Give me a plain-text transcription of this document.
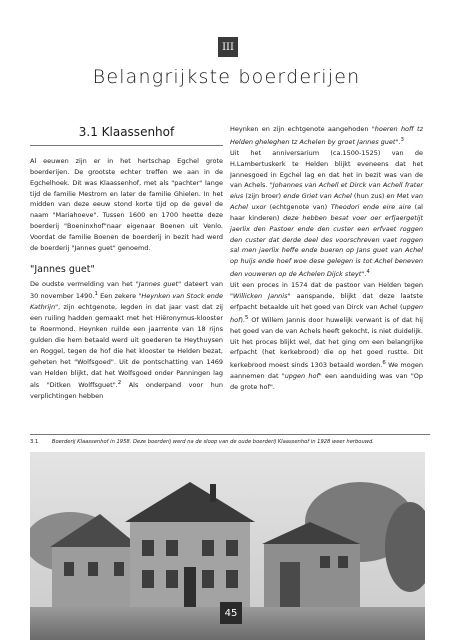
III
Belangrijkste boerderijen
3.1 Klaassenhof

Al eeuwen zijn er in het hertschap Egchel grote boerderijen. De grootste echter treffen we aan in de Egchelhoek. Dit was Klaassenhof, met als "pachter" lange tijd de familie Mestrom en later de familie Ghielen. In het midden van deze eeuw stond korte tijd op de gevel de naam "Mariahoeve". Tussen 1600 en 1700 heette deze boerderij "Boeninxhof"naar eigenaar Boenen uit Venlo. Voordat de familie Boenen de boerderij in bezit had werd de boerderij "Jannes guet" genoemd.

"Jannes guet"

De oudste vermelding van het "Jannes guet" dateert van 30 november 1490.$^1$ Een zekere "Heynken van Stock ende Kathrijn", zijn echtgenote, legden in dat jaar vast dat zij een ruiling hadden gemaakt met het Hiëronymus-klooster te Roermond. Heynken ruilde een jaarrente van 18 rijns gulden die hem betaald werd uit goederen te Heythuysen en Roggel, tegen de hof die het klooster te Helden bezat, geheten het "Wolfsgoed". Uit de pontschatting van 1469 van Helden blijkt, dat het Wolfsgoed onder Panningen lag als "Ditken Wolffsguet".$^2$ Als onderpand voor hun verplichtingen hebben

Heynken en zijn echtgenote aangehoden "hoeren hoff tz Helden gheleghen tz Achelen by groet Jannes guet".$^3$

Uit het anniversarium (ca.1500-1525) van de H.Lambertuskerk te Helden blijkt eveneens dat het Jannesgoed in Egchel lag en dat het in bezit was van de van Achels. "Johannes van Achell et Dirck van Achell frater eius (zijn broer) ende Griet van Achel (hun zus) en Met van Achel uxor (echtgenote van) Theodori ende eire aire (al haar kinderen) deze hebben besat voer oer erfjaergetijt jaerlix den Pastoer ende den custer een erfvaet roggen den custer dat derde deel des voorschreven vaet roggen sal men jaerlix heffe ende bueren op Jans guet van Achel op huijs ende hoef woe dese gelegen is tot Achel beneven den vouweren op de Achelen Dijck steyt".$^4$

Uit een proces in 1574 dat de pastoor van Helden tegen "Willicken Jannis" aanspande, blijkt dat deze laatste erfpacht betaalde uit het goed van Dirck van Achel (upgen hof).$^5$ Of Willem Jannis door huwelijk verwant is of dat hij het goed van de van Achels heeft gekocht, is niet duidelijk. Uit het proces blijkt wel, dat het ging om een belangrijke erfpacht (het kerkebrood) die op het goed rustte. Dit kerkebrood moest sinds 1303 betaald worden.$^6$ We mogen aannemen dat "upgen hof" een aanduiding was van "Op de grote hof".

3.1	Boerderij Klaassenhof in 1958. Deze boerderij werd na de sloop van de oude boerderij Klaassenhof in 1928 weer herbouwd.
45
